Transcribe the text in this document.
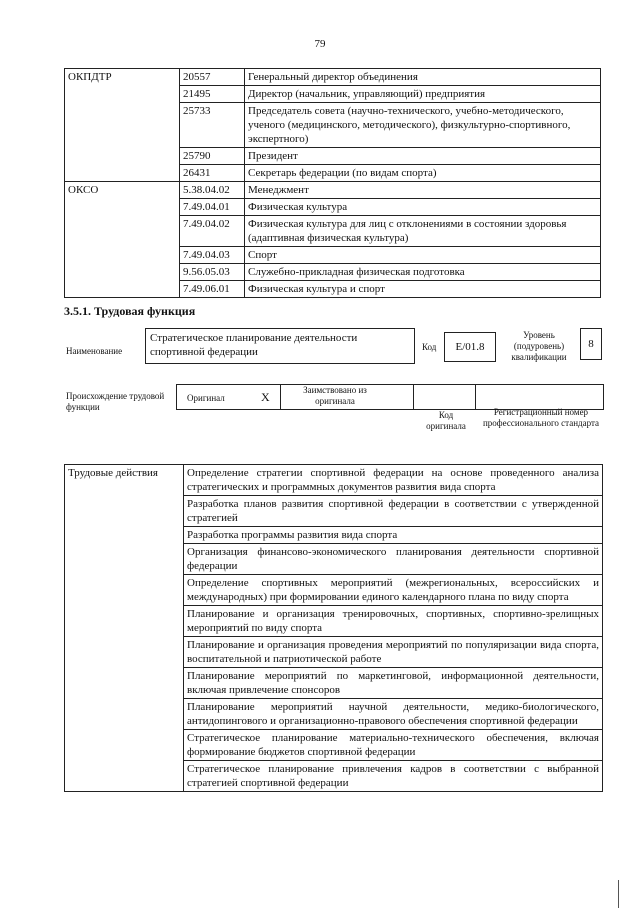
79
ОКПДТР	20557	Генеральный директор объединения
	21495	Директор (начальник, управляющий) предприятия
	25733	Председатель совета (научно-технического, учебно-методического, ученого (медицинского, методического), физкультурно-спортивного, экспертного)
	25790	Президент
	26431	Секретарь федерации (по видам спорта)
ОКСО	5.38.04.02	Менеджмент
	7.49.04.01	Физическая культура
	7.49.04.02	Физическая культура для лиц с отклонениями в состоянии здоровья (адаптивная физическая культура)
	7.49.04.03	Спорт
	9.56.05.03	Служебно-прикладная физическая подготовка
	7.49.06.01	Физическая культура и спорт
3.5.1. Трудовая функция
Наименование
Стратегическое планирование деятельности спортивной федерации	Код	E/01.8
Уровень (подуровень) квалификации
8
Происхождение трудовой функции
Оригинал	X	Заимствовано из оригинала
Код оригинала
Регистрационный номер профессионального стандарта
Трудовые действия	Определение стратегии спортивной федерации на основе проведенного анализа стратегических и программных документов развития вида спорта
Разработка планов развития спортивной федерации в соответствии с утвержденной стратегией
Разработка программы развития вида спорта
Организация финансово-экономического планирования деятельности спортивной федерации
Определение спортивных мероприятий (межрегиональных, всероссийских и международных) при формировании единого календарного плана по виду спорта
Планирование и организация тренировочных, спортивных, спортивно-зрелищных мероприятий по виду спорта
Планирование и организация проведения мероприятий по популяризации вида спорта, воспитательной и патриотической работе
Планирование мероприятий по маркетинговой, информационной деятельности, включая привлечение спонсоров
Планирование мероприятий научной деятельности, медико-биологического, антидопингового и организационно-правового обеспечения спортивной федерации
Стратегическое планирование материально-технического обеспечения, включая формирование бюджетов спортивной федерации
Стратегическое планирование привлечения кадров в соответствии с выбранной стратегией спортивной федерации
